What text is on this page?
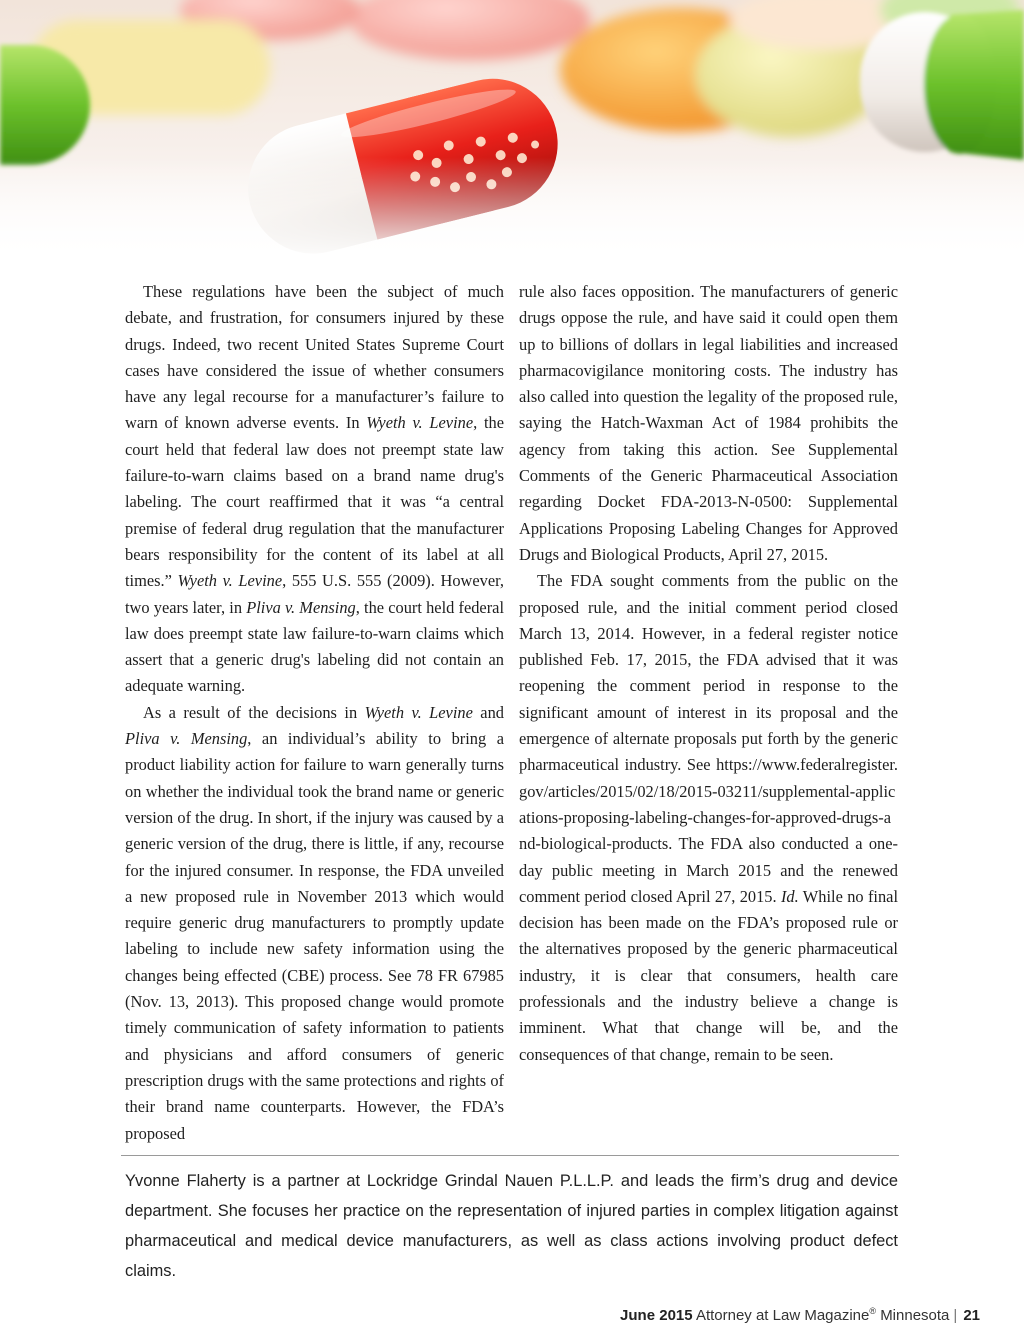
These regulations have been the subject of much debate, and frustration, for consumers injured by these drugs. Indeed, two recent United States Supreme Court cases have considered the issue of whether consumers have any legal recourse for a manufacturer’s failure to warn of known adverse events. In Wyeth v. Levine, the court held that federal law does not preempt state law failure-to-warn claims based on a brand name drug's labeling. The court reaffirmed that it was “a central premise of federal drug regulation that the manufacturer bears responsibility for the content of its label at all times.” Wyeth v. Levine, 555 U.S. 555 (2009). However, two years later, in Pliva v. Mensing, the court held federal law does preempt state law failure-to-warn claims which assert that a generic drug's labeling did not contain an adequate warning.

As a result of the decisions in Wyeth v. Levine and Pliva v. Mensing, an individual’s ability to bring a product liability action for failure to warn generally turns on whether the individual took the brand name or generic version of the drug. In short, if the injury was caused by a generic version of the drug, there is little, if any, recourse for the injured consumer. In response, the FDA unveiled a new proposed rule in November 2013 which would require generic drug manufacturers to promptly update labeling to include new safety information using the changes being effected (CBE) process. See 78 FR 67985 (Nov. 13, 2013). This proposed change would promote timely communication of safety information to patients and physicians and afford consumers of generic prescription drugs with the same protections and rights of their brand name counterparts. However, the FDA’s proposed

rule also faces opposition. The manufacturers of generic drugs oppose the rule, and have said it could open them up to billions of dollars in legal liabilities and increased pharmacovigilance monitoring costs. The industry has also called into question the legality of the proposed rule, saying the Hatch-Waxman Act of 1984 prohibits the agency from taking this action. See Supplemental Comments of the Generic Pharmaceutical Association regarding Docket FDA-2013-N-0500: Supplemental Applications Proposing Labeling Changes for Approved Drugs and Biological Products, April 27, 2015.

The FDA sought comments from the public on the proposed rule, and the initial comment period closed March 13, 2014. However, in a federal register notice published Feb. 17, 2015, the FDA advised that it was reopening the comment period in response to the significant amount of interest in its proposal and the emergence of alternate proposals put forth by the generic pharmaceutical industry. See https://www.federalregister.gov/articles/2015/02/18/2015-03211/supplemental-applications-proposing-labeling-changes-for-approved-drugs-and-biological-products. The FDA also conducted a one-day public meeting in March 2015 and the renewed comment period closed April 27, 2015. Id. While no final decision has been made on the FDA’s proposed rule or the alternatives proposed by the generic pharmaceutical industry, it is clear that consumers, health care professionals and the industry believe a change is imminent. What that change will be, and the consequences of that change, remain to be seen.

Yvonne Flaherty is a partner at Lockridge Grindal Nauen P.L.L.P. and leads the firm’s drug and device department. She focuses her practice on the representation of injured parties in complex litigation against pharmaceutical and medical device manufacturers, as well as class actions involving product defect claims.
June 2015 Attorney at Law Magazine® Minnesota | 21
